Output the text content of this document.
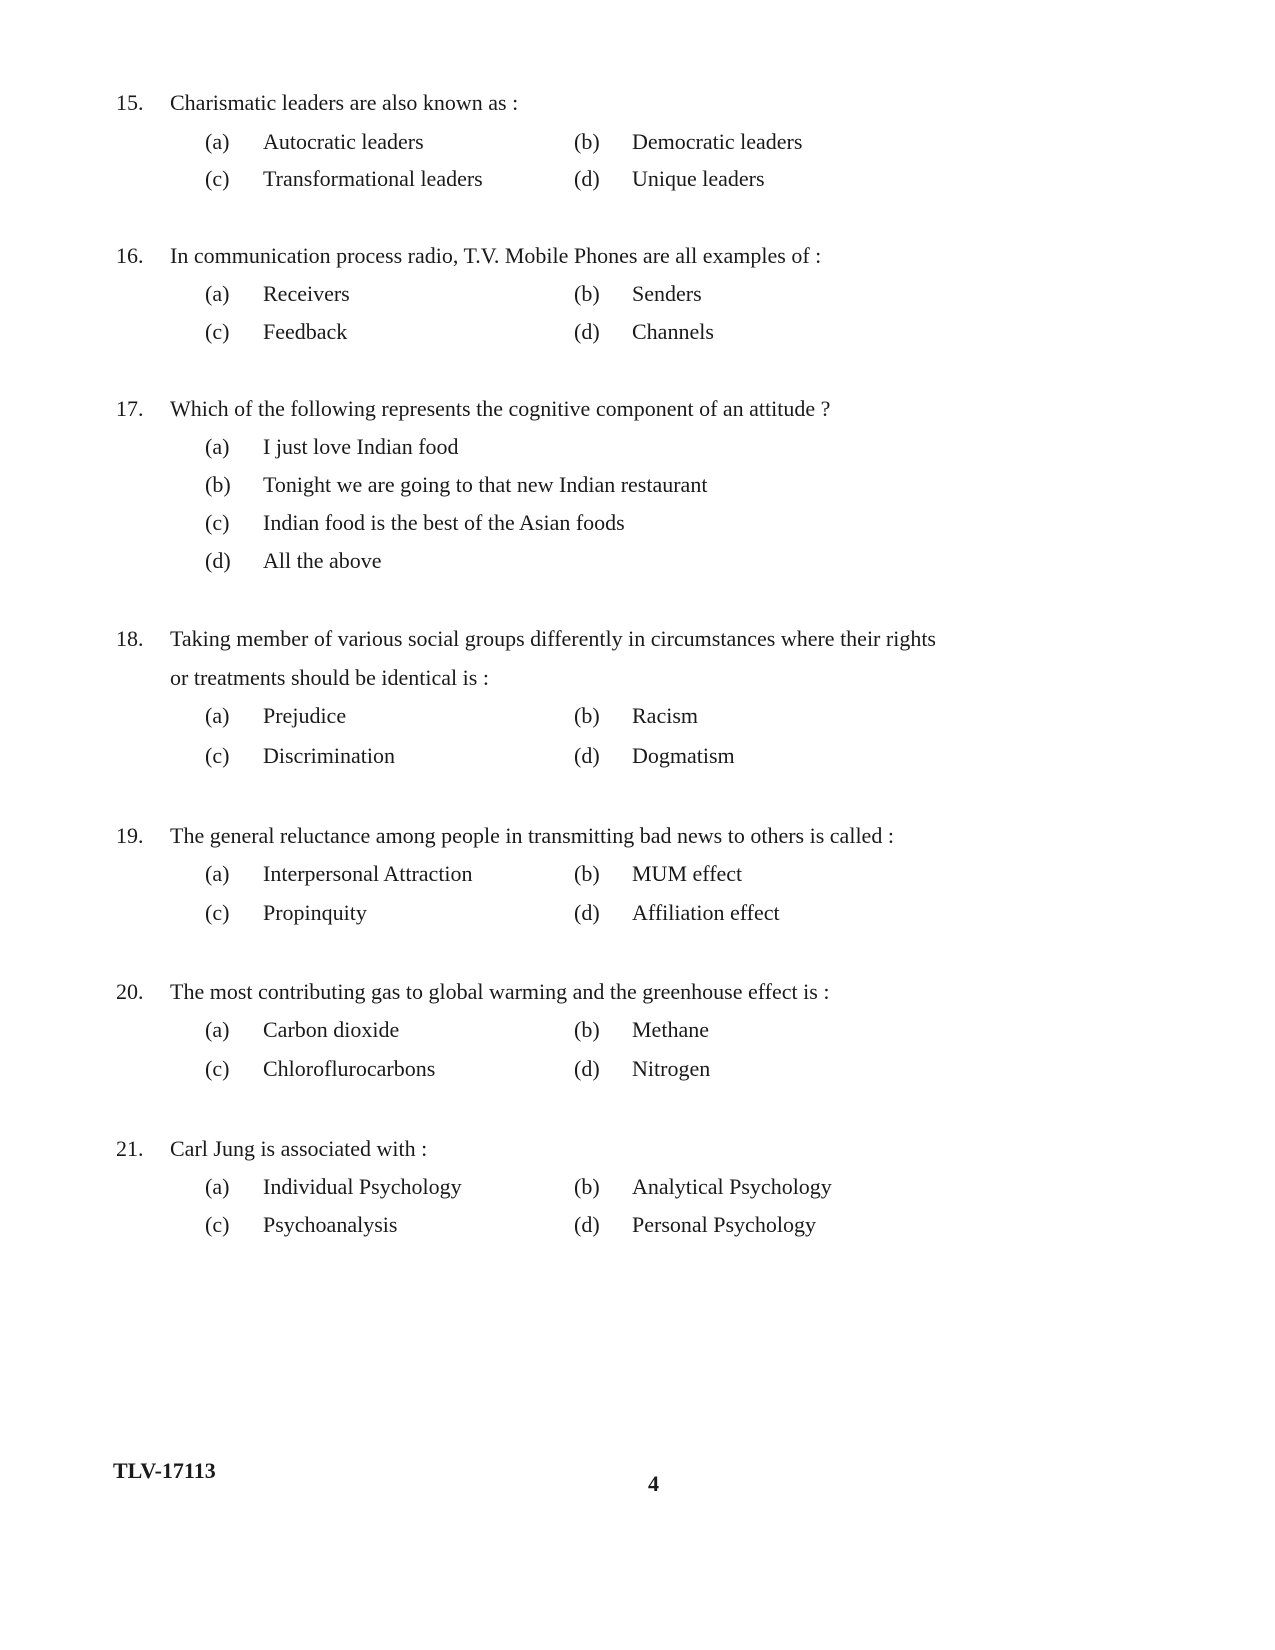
15. Charismatic leaders are also known as :
(a) Autocratic leaders	(b) Democratic leaders
(c) Transformational leaders	(d) Unique leaders
16. In communication process radio, T.V. Mobile Phones are all examples of :
(a) Receivers	(b) Senders
(c) Feedback	(d) Channels
17. Which of the following represents the cognitive component of an attitude ?
(a) I just love Indian food
(b) Tonight we are going to that new Indian restaurant
(c) Indian food is the best of the Asian foods
(d) All the above
18. Taking member of various social groups differently in circumstances where their rights
or treatments should be identical is :
(a) Prejudice	(b) Racism
(c) Discrimination	(d) Dogmatism
19. The general reluctance among people in transmitting bad news to others is called :
(a) Interpersonal Attraction	(b) MUM effect
(c) Propinquity	(d) Affiliation effect
20. The most contributing gas to global warming and the greenhouse effect is :
(a) Carbon dioxide	(b) Methane
(c) Chloroflurocarbons	(d) Nitrogen
21. Carl Jung is associated with :
(a) Individual Psychology	(b) Analytical Psychology
(c) Psychoanalysis	(d) Personal Psychology
TLV-17113
4
